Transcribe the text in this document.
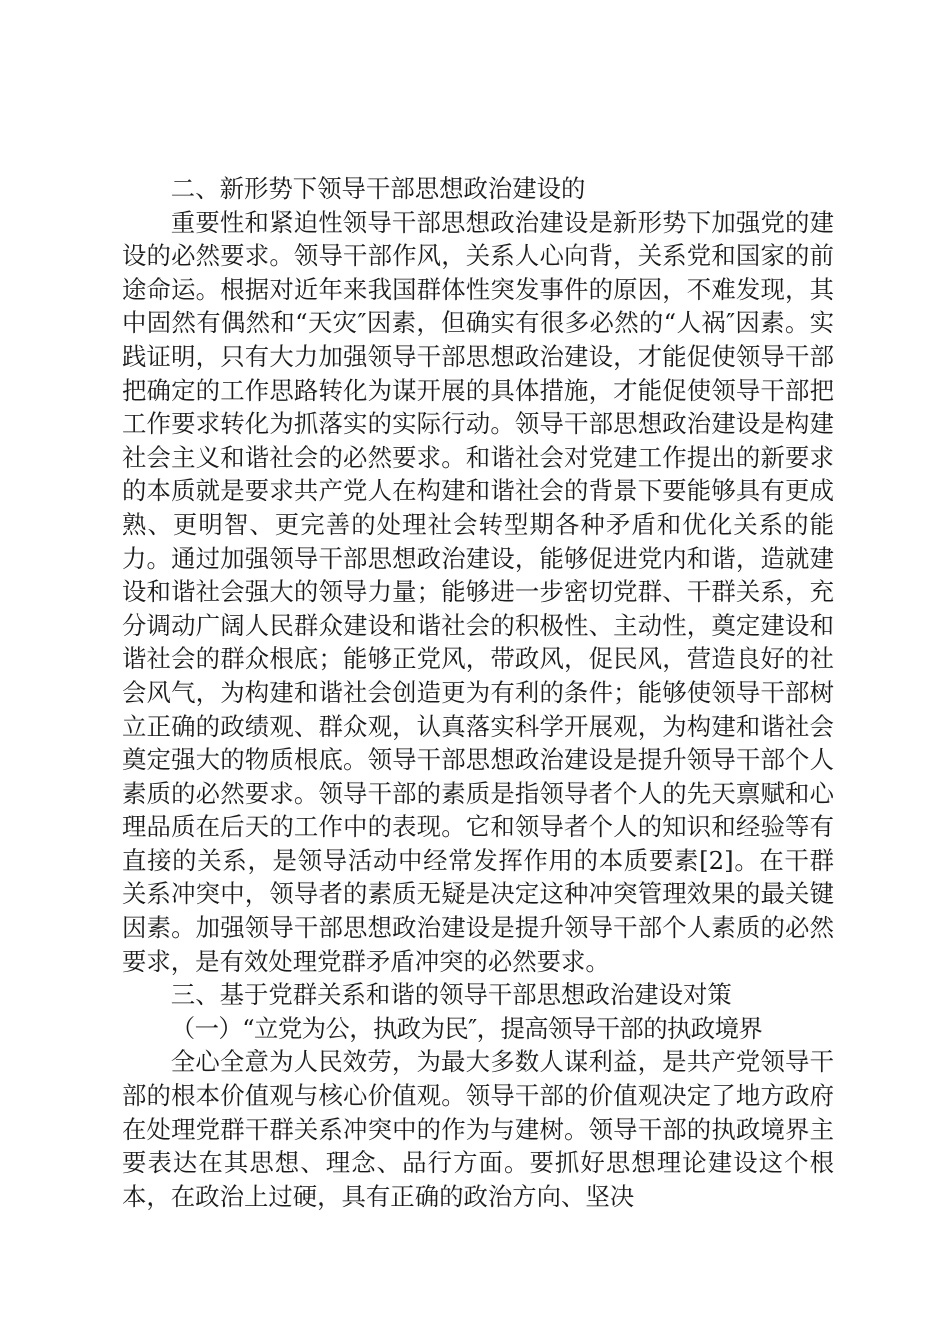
二、新形势下领导干部思想政治建设的

重要性和紧迫性领导干部思想政治建设是新形势下加强党的建设的必然要求。领导干部作风，关系人心向背，关系党和国家的前途命运。根据对近年来我国群体性突发事件的原因，不难发现，其中固然有偶然和“天灾″因素，但确实有很多必然的“人祸″因素。实践证明，只有大力加强领导干部思想政治建设，才能促使领导干部把确定的工作思路转化为谋开展的具体措施，才能促使领导干部把工作要求转化为抓落实的实际行动。领导干部思想政治建设是构建社会主义和谐社会的必然要求。和谐社会对党建工作提出的新要求的本质就是要求共产党人在构建和谐社会的背景下要能够具有更成熟、更明智、更完善的处理社会转型期各种矛盾和优化关系的能力。通过加强领导干部思想政治建设，能够促进党内和谐，造就建设和谐社会强大的领导力量；能够进一步密切党群、干群关系，充分调动广阔人民群众建设和谐社会的积极性、主动性，奠定建设和谐社会的群众根底；能够正党风，带政风，促民风，营造良好的社会风气，为构建和谐社会创造更为有利的条件；能够使领导干部树立正确的政绩观、群众观，认真落实科学开展观，为构建和谐社会奠定强大的物质根底。领导干部思想政治建设是提升领导干部个人素质的必然要求。领导干部的素质是指领导者个人的先天禀赋和心理品质在后天的工作中的表现。它和领导者个人的知识和经验等有直接的关系，是领导活动中经常发挥作用的本质要素[2]。在干群关系冲突中，领导者的素质无疑是决定这种冲突管理效果的最关键因素。加强领导干部思想政治建设是提升领导干部个人素质的必然要求，是有效处理党群矛盾冲突的必然要求。

三、基于党群关系和谐的领导干部思想政治建设对策

（一）“立党为公，执政为民″，提高领导干部的执政境界

全心全意为人民效劳，为最大多数人谋利益，是共产党领导干部的根本价值观与核心价值观。领导干部的价值观决定了地方政府在处理党群干群关系冲突中的作为与建树。领导干部的执政境界主要表达在其思想、理念、品行方面。要抓好思想理论建设这个根本，在政治上过硬，具有正确的政治方向、坚决
